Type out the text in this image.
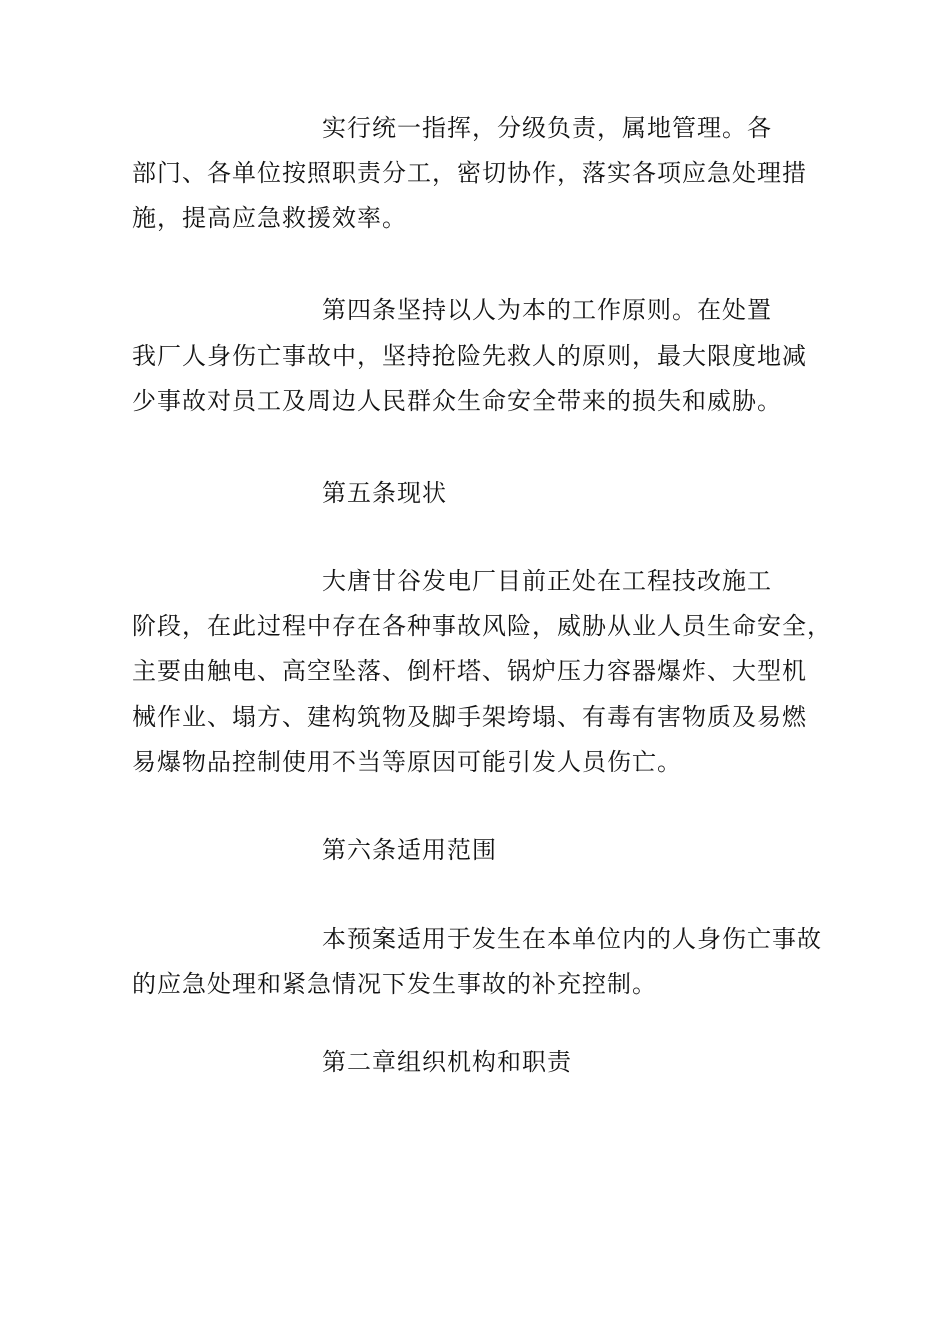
实行统一指挥，分级负责，属地管理。各
部门、各单位按照职责分工，密切协作，落实各项应急处理措
施，提高应急救援效率。
第四条坚持以人为本的工作原则。在处置
我厂人身伤亡事故中，坚持抢险先救人的原则，最大限度地减
少事故对员工及周边人民群众生命安全带来的损失和威胁。
第五条现状
大唐甘谷发电厂目前正处在工程技改施工
阶段，在此过程中存在各种事故风险，威胁从业人员生命安全，
主要由触电、高空坠落、倒杆塔、锅炉压力容器爆炸、大型机
械作业、塌方、建构筑物及脚手架垮塌、有毒有害物质及易燃
易爆物品控制使用不当等原因可能引发人员伤亡。
第六条适用范围
本预案适用于发生在本单位内的人身伤亡事故
的应急处理和紧急情况下发生事故的补充控制。
第二章组织机构和职责
